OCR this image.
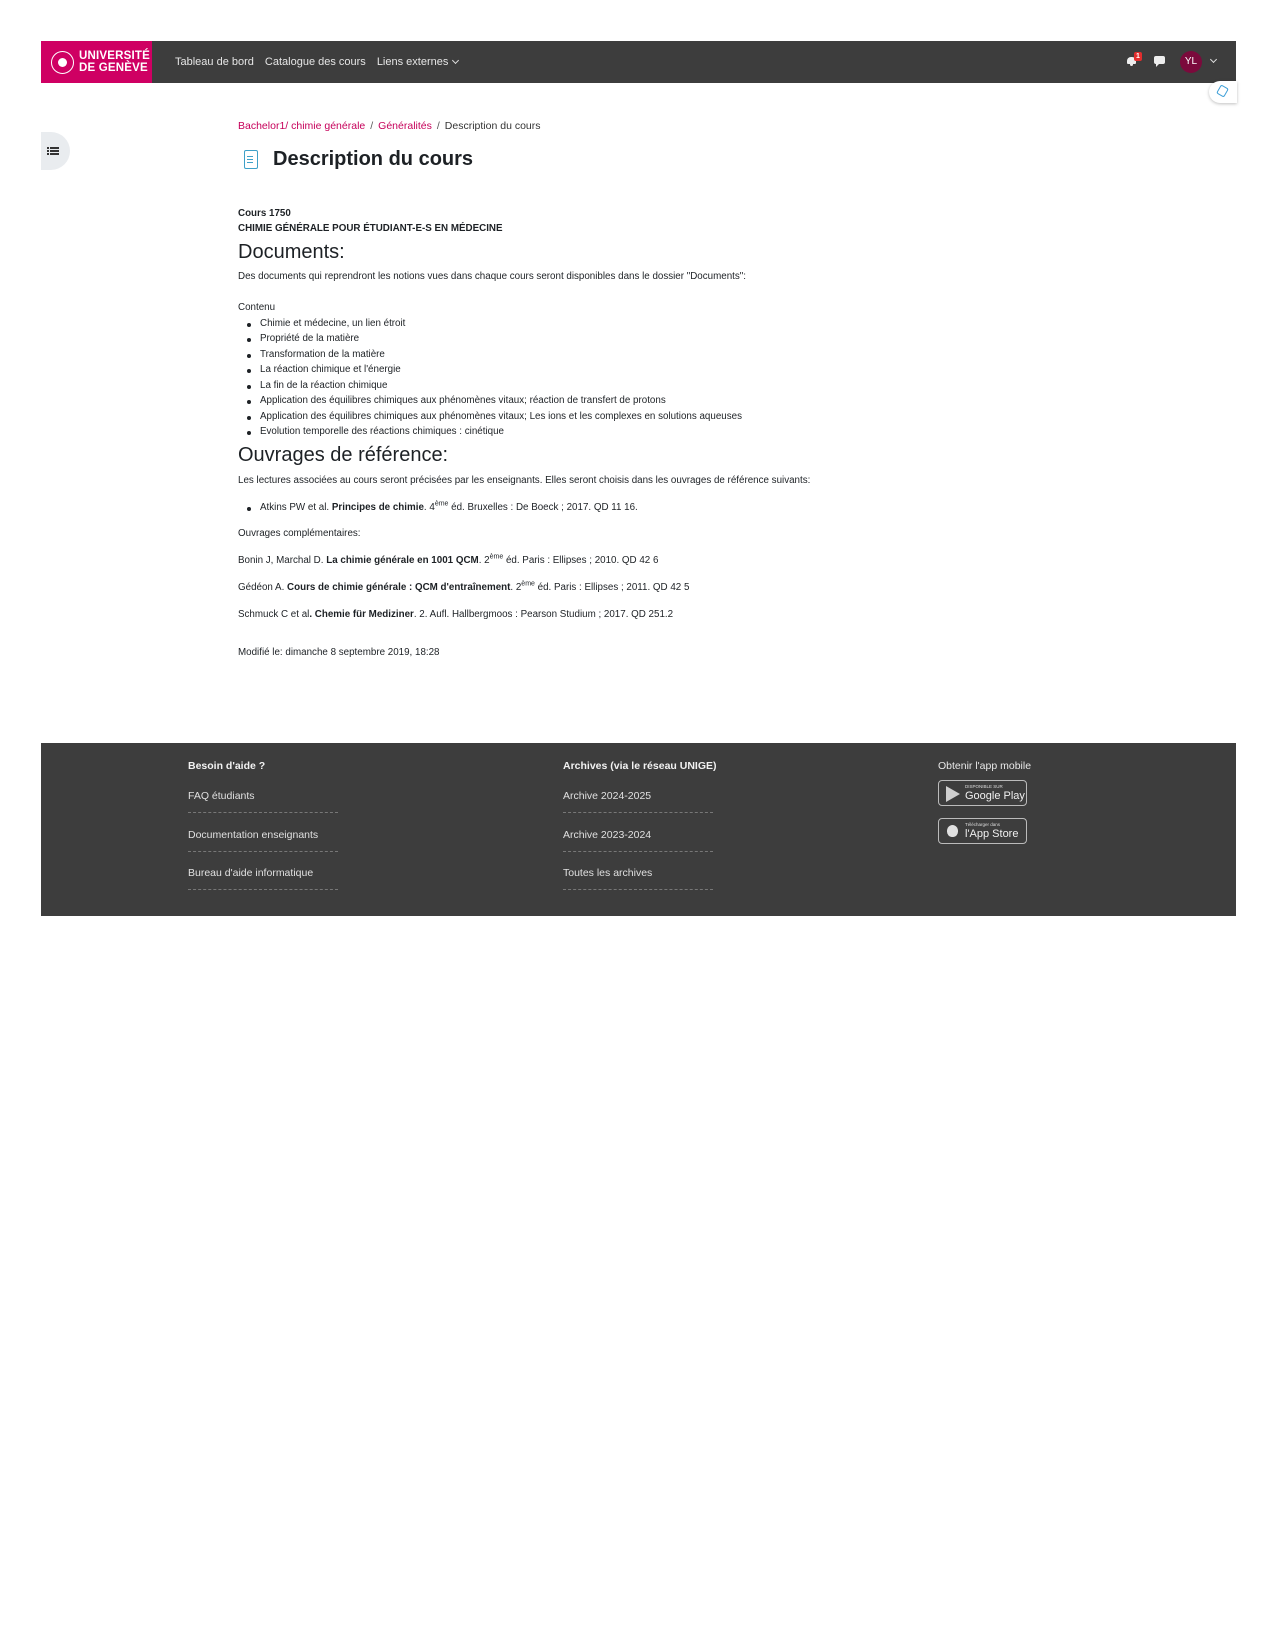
UNIVERSITÉ
DE GENÈVE Tableau de bord Catalogue des cours Liens externes	1	YL
Bachelor1/ chimie générale / Généralités / Description du cours
Description du cours
Cours 1750
CHIMIE GÉNÉRALE POUR ÉTUDIANT-E-S EN MÉDECINE
Documents:
Des documents qui reprendront les notions vues dans chaque cours seront disponibles dans le dossier "Documents":
Contenu
Chimie et médecine, un lien étroit
Propriété de la matière
Transformation de la matière
La réaction chimique et l'énergie
La fin de la réaction chimique
Application des équilibres chimiques aux phénomènes vitaux; réaction de transfert de protons
Application des équilibres chimiques aux phénomènes vitaux; Les ions et les complexes en solutions aqueuses
Evolution temporelle des réactions chimiques : cinétique
Ouvrages de référence:
Les lectures associées au cours seront précisées par les enseignants. Elles seront choisis dans les ouvrages de référence suivants:
Atkins PW et al. Principes de chimie. 4ème éd. Bruxelles : De Boeck ; 2017. QD 11 16.
Ouvrages complémentaires:
Bonin J, Marchal D. La chimie générale en 1001 QCM. 2ème éd. Paris : Ellipses ; 2010. QD 42 6
Gédéon A. Cours de chimie générale : QCM d'entraînement. 2ème éd. Paris : Ellipses ; 2011. QD 42 5
Schmuck C et al. Chemie für Mediziner. 2. Aufl. Hallbergmoos : Pearson Studium ; 2017. QD 251.2
Modifié le: dimanche 8 septembre 2019, 18:28
Besoin d'aide ?
FAQ étudiants
Documentation enseignants
Bureau d'aide informatique
Archives (via le réseau UNIGE)
Archive 2024-2025
Archive 2023-2024
Toutes les archives
Obtenir l'app mobile
DISPONIBLE SUR
Google Play
Télécharger dans
l'App Store
